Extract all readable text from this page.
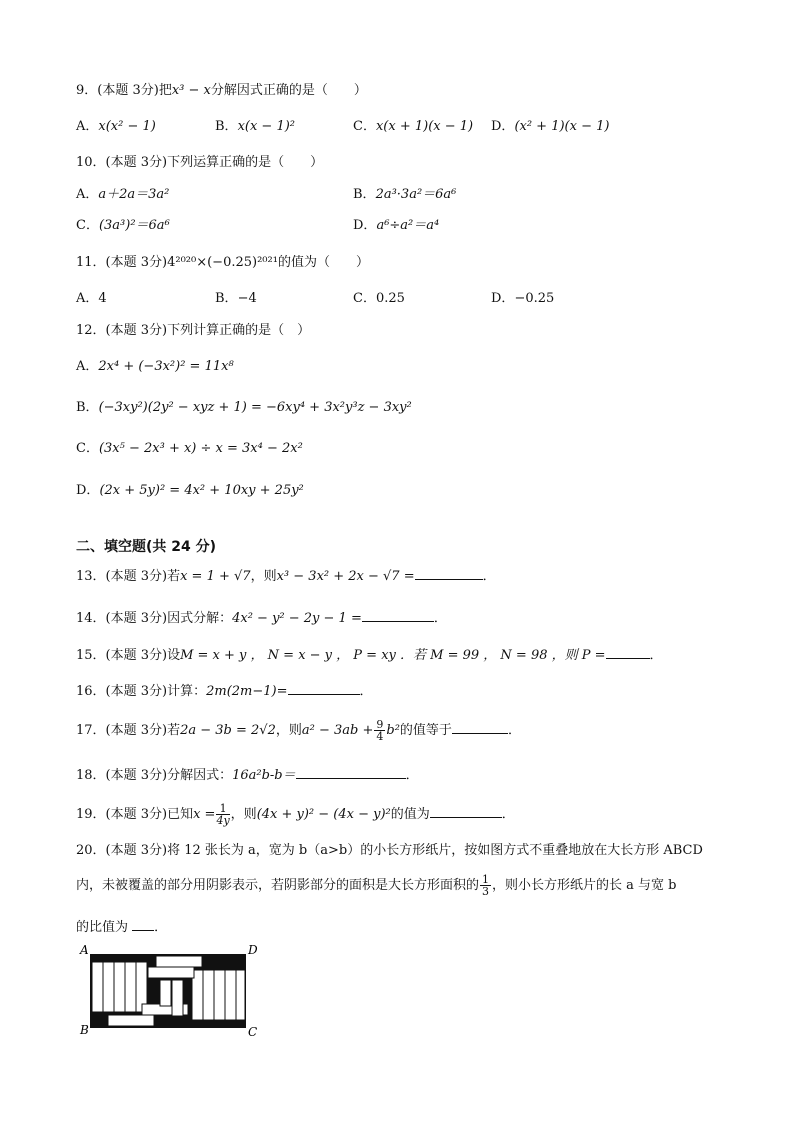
9．(本题 3分)把x³ − x分解因式正确的是（　　）
A．x(x² − 1)	B．x(x − 1)²	C．x(x + 1)(x − 1) D．(x² + 1)(x − 1)
10．(本题 3分)下列运算正确的是（　　）
A．a＋2a＝3a²	B．2a³·3a²＝6a⁶
C．(3a³)²＝6a⁶	D．a⁶÷a²＝a⁴
11．(本题 3分)4²⁰²⁰×(−0.25)²⁰²¹的值为（　　）
A．4	B．−4	C．0.25	D．−0.25
12．(本题 3分)下列计算正确的是（　）
A．2x⁴ + (−3x²)² = 11x⁸
B．(−3xy²)(2y² − xyz + 1) = −6xy⁴ + 3x²y³z − 3xy²
C．(3x⁵ − 2x³ + x) ÷ x = 3x⁴ − 2x²
D．(2x + 5y)² = 4x² + 10xy + 25y²
二、填空题(共 24 分)
13．(本题 3分)若x = 1 + √7，则x³ − 3x² + 2x − √7 =	．
14．(本题 3分)因式分解：4x² − y² − 2y − 1 =	．
15．(本题 3分)设M = x + y ， N = x − y ， P = xy ．若 M = 99 ， N = 98 ，则 P =	．
16．(本题 3分)计算：2m(2m−1)=	．
17．(本题 3分)若2a − 3b = 2√2，则$a^2 - 3ab + \frac{9}{4} b^2$的值等于	．
18．(本题 3分)分解因式：16a²b-b＝	．
19．(本题 3分)已知$x = \frac{1}{4y}$，则(4x + y)² − (4x − y)²的值为	．
20．(本题 3分)将 12 张长为 a，宽为 b（a>b）的小长方形纸片，按如图方式不重叠地放在大长方形 ABCD
内，未被覆盖的部分用阴影表示，若阴影部分的面积是大长方形面积的 $\frac{1}{3}$ ，则小长方形纸片的长 a 与宽 b
的比值为 ．
A
B	C
D
